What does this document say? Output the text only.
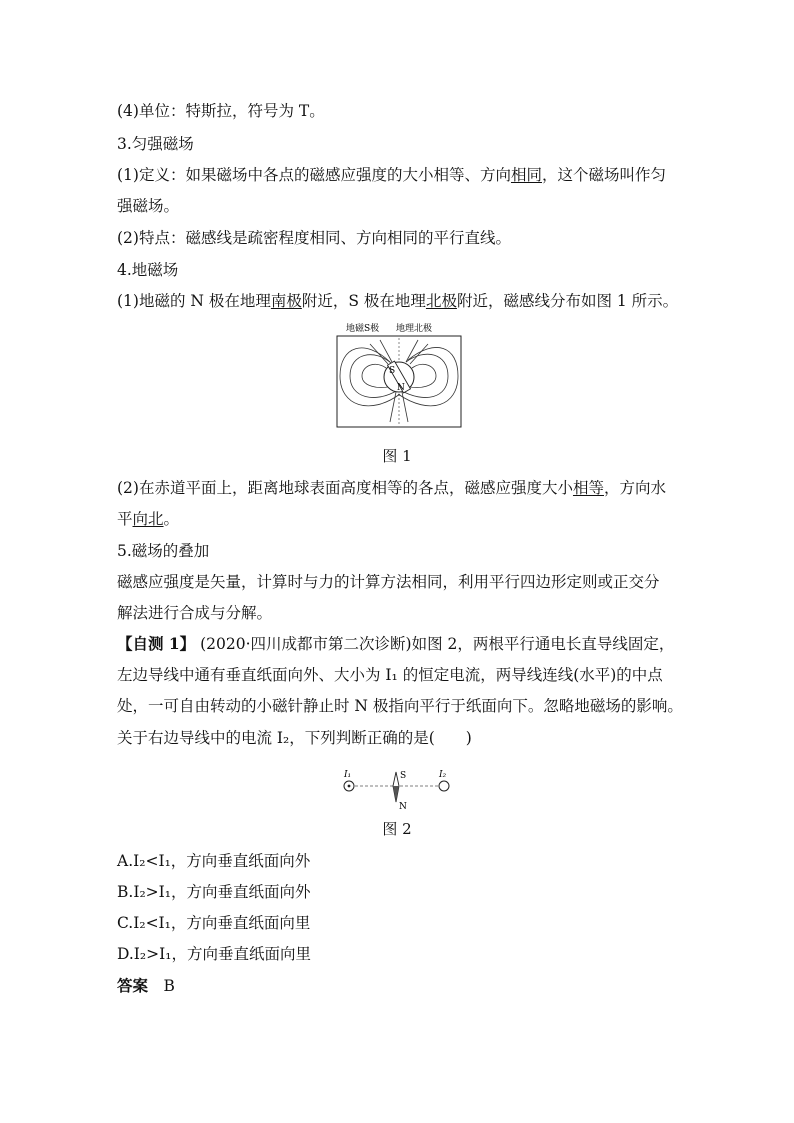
(4)单位：特斯拉，符号为 T。
3.匀强磁场
(1)定义：如果磁场中各点的磁感应强度的大小相等、方向相同，这个磁场叫作匀
强磁场。
(2)特点：磁感线是疏密程度相同、方向相同的平行直线。
4.地磁场
(1)地磁的 N 极在地理南极附近，S 极在地理北极附近，磁感线分布如图 1 所示。
地磁S极 地理北极
S
N
图 1
(2)在赤道平面上，距离地球表面高度相等的各点，磁感应强度大小相等，方向水
平向北。
5.磁场的叠加
磁感应强度是矢量，计算时与力的计算方法相同，利用平行四边形定则或正交分
解法进行合成与分解。
【自测 1】 (2020·四川成都市第二次诊断)如图 2，两根平行通电长直导线固定，
左边导线中通有垂直纸面向外、大小为 I₁ 的恒定电流，两导线连线(水平)的中点
处，一可自由转动的小磁针静止时 N 极指向平行于纸面向下。忽略地磁场的影响。
关于右边导线中的电流 I₂，下列判断正确的是(　　)
I₁	I₂
S
N
图 2
A.I₂<I₁，方向垂直纸面向外
B.I₂>I₁，方向垂直纸面向外
C.I₂<I₁，方向垂直纸面向里
D.I₂>I₁，方向垂直纸面向里
答案　 B
